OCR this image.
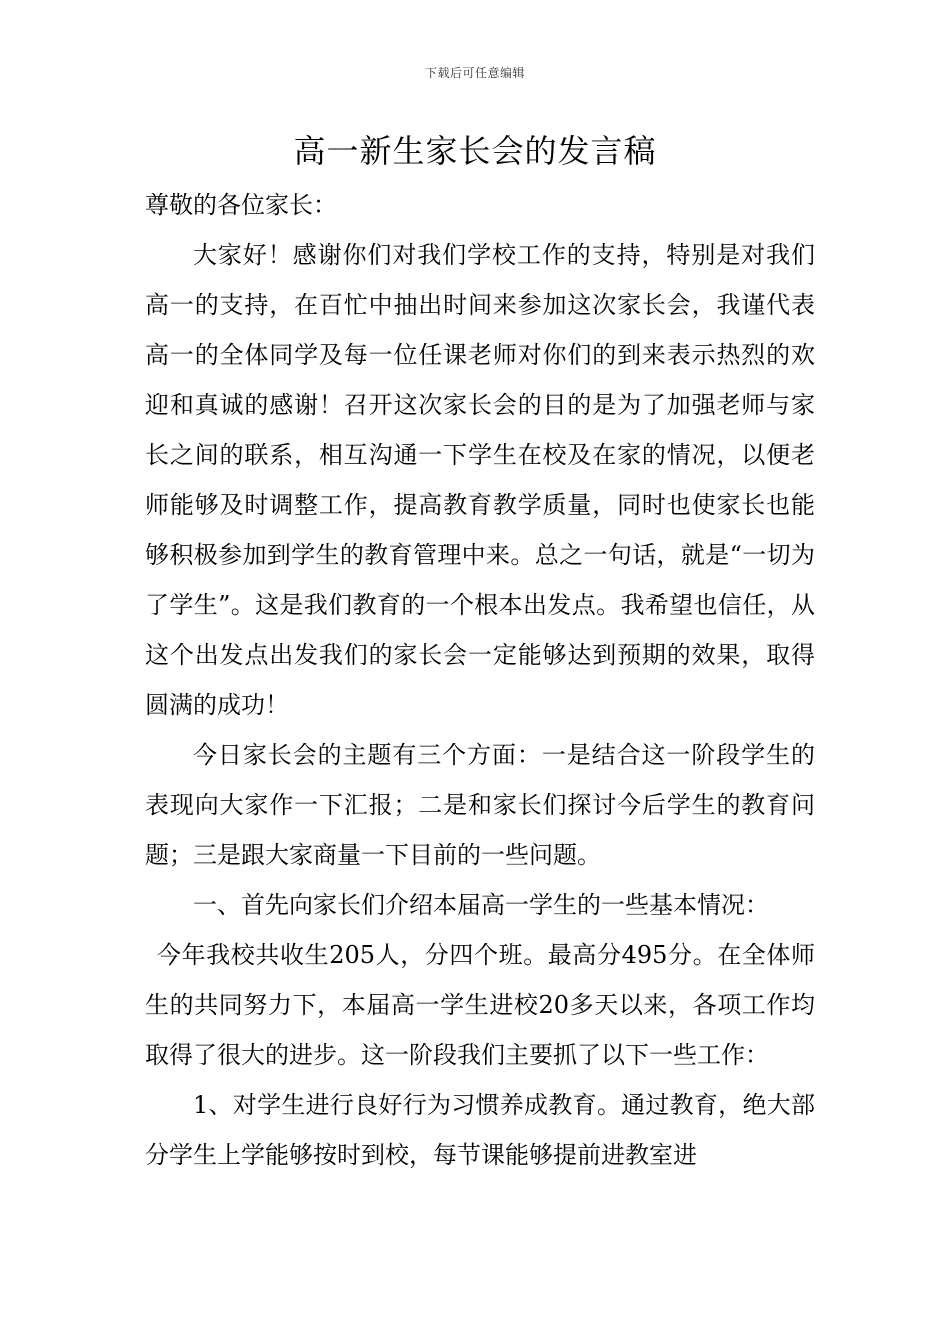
下载后可任意编辑
高一新生家长会的发言稿

尊敬的各位家长：

大家好！感谢你们对我们学校工作的支持，特别是对我们高一的支持，在百忙中抽出时间来参加这次家长会，我谨代表高一的全体同学及每一位任课老师对你们的到来表示热烈的欢迎和真诚的感谢！召开这次家长会的目的是为了加强老师与家长之间的联系，相互沟通一下学生在校及在家的情况，以便老师能够及时调整工作，提高教育教学质量，同时也使家长也能够积极参加到学生的教育管理中来。总之一句话，就是“一切为了学生”。这是我们教育的一个根本出发点。我希望也信任，从这个出发点出发我们的家长会一定能够达到预期的效果，取得圆满的成功！

今日家长会的主题有三个方面：一是结合这一阶段学生的表现向大家作一下汇报；二是和家长们探讨今后学生的教育问题；三是跟大家商量一下目前的一些问题。

一、首先向家长们介绍本届高一学生的一些基本情况：

今年我校共收生205人，分四个班。最高分495分。在全体师生的共同努力下，本届高一学生进校20多天以来，各项工作均取得了很大的进步。这一阶段我们主要抓了以下一些工作：

1、对学生进行良好行为习惯养成教育。通过教育，绝大部分学生上学能够按时到校，每节课能够提前进教室进
